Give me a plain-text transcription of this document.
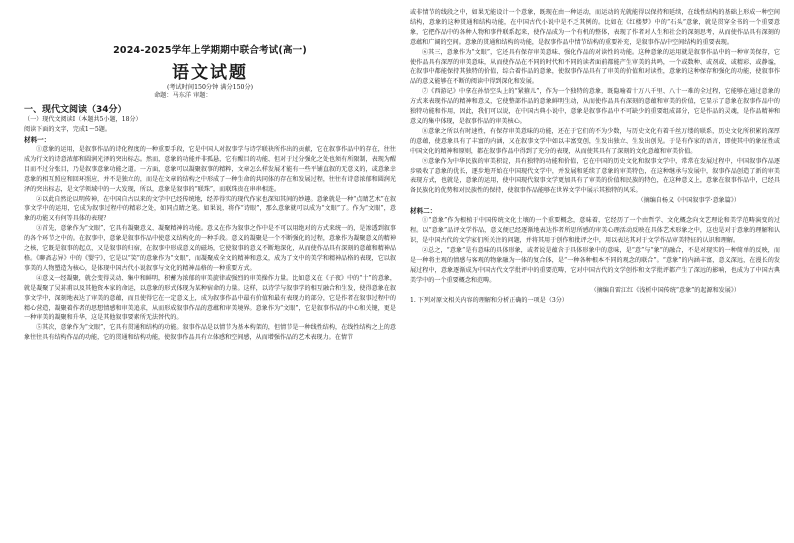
2024-2025学年上学期期中联合考试(高一)
语文试题
(考试时间150分钟 满分150分)
命题：马东洋 审题：
一、现代文阅读（34分）

（一）现代文阅读Ⅰ（本题共5小题，18分）

阅读下面的文字，完成1～5题。

材料一：

①意象的运用，是叙事作品的诗化程度的一种重要手段，它是中国人对叙事学与诗学联袂所作出的贡献，它在叙事作品中的存在，往往成为行文的诗意浓郁和圆润光泽的突出标志。然而，意象的功能并非孤悬，它有醒目的功能、但对于过分强化之处也须有所限制，表现为醒目而不过分张目，乃是叙事意象功能之道。一方面，意象可以凝聚叙事的精粹，文章怎么样发展才能有一些平铺直叙的无意义的，或意象幸意象的相互照应和回环照应，并不是独立的，而是在文章的结构之中形成了一种生命的共同体的存在和发展过程，往往有诗意浓郁和圆润光泽的突出标志，是文学领域中的一大发现，所以，意象是叙事的“联珠”，而联珠贵在串串相连。

②以此自然论以明传神，在中国自古以来的文学中已经传统地，经养得实的现代作家也深知其间的妙趣。意象就是一种“点睛艺术”在叙事文学中的运用，它成为叙事过程中的精彩之处，如同点睛之笔。如果说，将作“诗眼”，那么意象就可以成为“文眼”了。作为“文眼”，意象的功能又有何等具体的表现？

③首先，意象作为“文眼”，它具有凝聚意义、凝聚精神的功能。意义在作为叙事之作中是不可以用绝对的方式来统一的，是渗透到叙事的各个环节之中的。在叙事中，意象是叙事作品中使意义结构化的一种手段。意义的凝聚是一个不断强化的过程，意象作为凝聚意义的精神之核，它既是叙事的起点，又是叙事的归宿，在叙事中形成意义的磁场，它使叙事的意义不断地深化，从而使作品具有深刻的意蕴和精神品格。《聊斋志异》中的《婴宁》，它是以“笑”的意象作为“文眼”，而凝聚成全文的精神和意义，成为了文中的美学和精神品格的表现，它以叙事美的人物塑造为核心，是体现中国古代小说叙事与文化的精神品格的一种重要方式。

④意义一经凝聚，就会变得灵动、集中和鲜明，积蓄为浓郁的审美旋律或强烈的审美操作力量。比如意义在《子夜》中的“十”的意象，就是凝聚了吴荪甫以及其他资本家的命运，以意象的形式体现为某种宿命的力量。这样，以诗学与叙事学的相互融合和生发，使得意象在叙事文学中，深刻地表达了审美的意蕴，而且使得它在一定意义上，成为叙事作品中最有价值和最有表现力的部分，它是作者在叙事过程中的精心营造，凝聚着作者的思想情感和审美追求，从而形成叙事作品的意蕴和审美境界。意象作为“文眼”，它是叙事作品的中心和关键，更是一种审美的凝聚和升华，这是其他叙事要素所无法替代的。

⑤其次，意象作为“文眼”，它具有贯通和结构的功能。叙事作品是以情节为基本构架的，但情节是一种线性结构，在线性结构之上的意象往往具有结构作品的功能，它的贯通和结构功能，使叙事作品具有立体感和空间感，从而增强作品的艺术表现力。在情节

或非情节的线段之中，如果无能设计一个意象，既现在由一种运动，而运动的光就能得以保持和延续，在线性结构的基础上形成一种空间结构，意象的这种贯通和结构功能，在中国古代小说中是不乏其例的。比如在《红楼梦》中的“石头”意象，就是贯穿全书的一个重要意象，它把作品中的各种人物和事件联系起来，使作品成为一个有机的整体，表现了作者对人生和社会的深刻思考，从而使作品具有深刻的意蕴和广阔的空间。意象的贯通和结构的功能，是叙事作品中情节结构的重要补充，是叙事作品中空间结构的重要表现。

⑥其三，意象作为“文眼”，它还具有保存审美意味、强化作品的对读性的功能。这种意象的运用就是叙事作品中的一种审美保存，它使作品具有深厚的审美意味，从而使作品在不同的时代和不同的读者面前都能产生审美的共鸣，一个或数种、或剂或、或精彩、或静谧，在叙事中都能保持其独特的价值，综合着作品的意象，使叙事作品具有了审美的价值和对读性，意象的这种保存和强化的功能，使叙事作品的意义能够在不断的阅读中得到深化和发展。

⑦《西游记》中拿在孙悟空头上的“紧箍儿”，作为一个独特的意象，既隐喻着十万八千里、八十一难的全过程，它能够在通过意象的方式来表现作品的精神和意义，它使整部作品的意象鲜明生动，从而使作品具有深刻的意蕴和审美的价值，它显示了意象在叙事作品中的独特功能和作用，因此，我们可以说，在中国古典小说中，意象是叙事作品中不可缺少的重要组成部分，它是作品的灵魂，是作品精神和意义的集中体现，是叙事作品的审美核心。

⑧意象之所以有时速性，有保存审美意味的功能，还在于它们的不为少数，与历史文化有着千丝万缕的联系，历史文化所积累的深厚的意蕴，使意象具有了丰富的内涵，又在叙事文学中如以丰富变创，生发出独立、生发出创见。于是有作家的语言，即使其中的象征性或中国文化的精神和原则，都在叙事作品中得到了充分的表现，从而使其具有了深刻的文化意蕴和审美价值。

⑨意象作为中华民族的审美积淀，具有独特的功能和价值，它在中国的历史文化和叙事文学中，常常在发展过程中，中国叙事作品逐步吸收了意象的优长，逐步地开始在中国现代文学中，并发展和延续了意象的审美特色，在这种继承与发展中，叙事作品创造了新的审美表现方式，也就是，意象的运用，使中国现代叙事文学更加具有了审美的价值和民族的特色，在这种意义上，意象在叙事作品中，已经具备民族化的优势和对民族性的保持，使叙事作品能够在世界文学中展示其独特的风采。

（摘编自杨义《中国叙事学·意象篇》）

材料二：

①“意象”作为根植于中国传统文化土壤的一个重要概念，意味着，它经历了一个由哲学、文化概念向文艺理论和美学范畴演变的过程。以“意象”品评文学作品，意义便已经逐渐地表达作者所思所感的审美心理活动反映在具体艺术形象之中，这也是对于意象的理解和认识，是中国古代的文学家们所关注的问题，并将其用于创作和批评之中，用以表达其对于文学作品审美特征的认识和理解。

②总之，“意象”是有意味的具体形象，或者说是蕴含于具体形象中的意味，是“意”与“象”的融合，不是对现实的一种简单的反映，而是一种将主观的情感与客观的物象融为一体的复合体，是“一种各种根本不同的观念的联合”。“意象”的内涵丰富，意义深远，在漫长的发展过程中，意象逐渐成为中国古代文学批评中的重要范畴，它对中国古代的文学创作和文学批评都产生了深远的影响，也成为了中国古典美学中的一个重要概念和范畴。

（摘编自雷江红《浅析中国传统“意象”的起源和发展》）

1. 下列对原文相关内容的理解和分析正确的一项是（3分）
